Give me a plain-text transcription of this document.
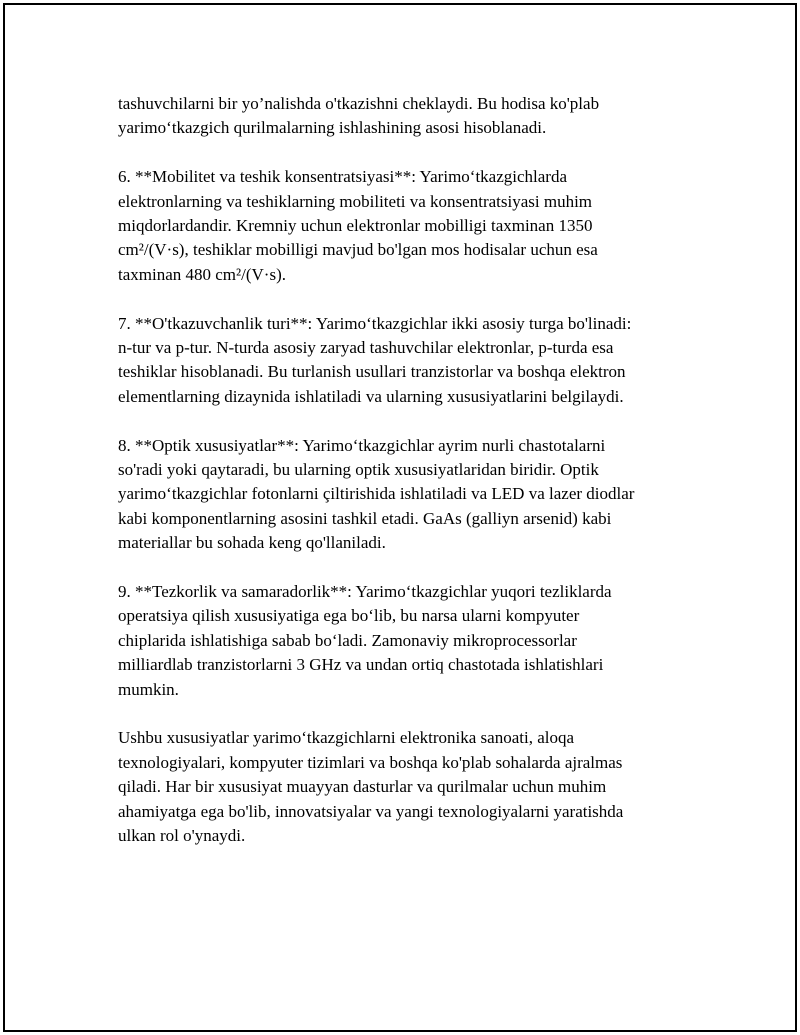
tashuvchilarni bir yo’nalishda o'tkazishni cheklaydi. Bu hodisa ko'plab
yarimo‘tkazgich qurilmalarning ishlashining asosi hisoblanadi.

6. **Mobilitet va teshik konsentratsiyasi**: Yarimo‘tkazgichlarda
elektronlarning va teshiklarning mobiliteti va konsentratsiyasi muhim
miqdorlardandir. Kremniy uchun elektronlar mobilligi taxminan 1350
cm²/(V·s), teshiklar mobilligi mavjud bo'lgan mos hodisalar uchun esa
taxminan 480 cm²/(V·s).

7. **O'tkazuvchanlik turi**: Yarimo‘tkazgichlar ikki asosiy turga bo'linadi:
n-tur va p-tur. N-turda asosiy zaryad tashuvchilar elektronlar, p-turda esa
teshiklar hisoblanadi. Bu turlanish usullari tranzistorlar va boshqa elektron
elementlarning dizaynida ishlatiladi va ularning xususiyatlarini belgilaydi.

8. **Optik xususiyatlar**: Yarimo‘tkazgichlar ayrim nurli chastotalarni
so'radi yoki qaytaradi, bu ularning optik xususiyatlaridan biridir. Optik
yarimo‘tkazgichlar fotonlarni çiltirishida ishlatiladi va LED va lazer diodlar
kabi komponentlarning asosini tashkil etadi. GaAs (galliyn arsenid) kabi
materiallar bu sohada keng qo'llaniladi.

9. **Tezkorlik va samaradorlik**: Yarimo‘tkazgichlar yuqori tezliklarda
operatsiya qilish xususiyatiga ega bo‘lib, bu narsa ularni kompyuter
chiplarida ishlatishiga sabab bo‘ladi. Zamonaviy mikroprocessorlar
milliardlab tranzistorlarni 3 GHz va undan ortiq chastotada ishlatishlari
mumkin.

Ushbu xususiyatlar yarimo‘tkazgichlarni elektronika sanoati, aloqa
texnologiyalari, kompyuter tizimlari va boshqa ko'plab sohalarda ajralmas
qiladi. Har bir xususiyat muayyan dasturlar va qurilmalar uchun muhim
ahamiyatga ega bo'lib, innovatsiyalar va yangi texnologiyalarni yaratishda
ulkan rol o'ynaydi.
